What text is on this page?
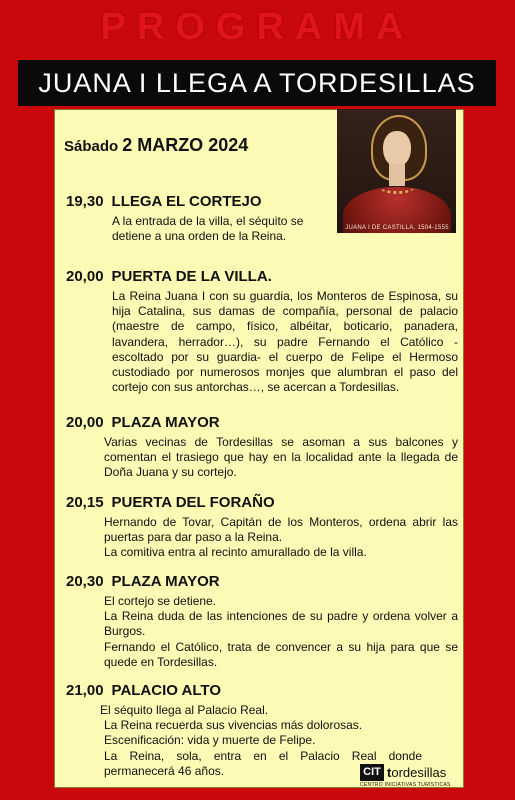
PROGRAMA
JUANA I LLEGA A TORDESILLAS
JUANA I DE CASTILLA, 1504-1555
Sábado 2 MARZO 2024
19,30 LLEGA EL CORTEJO

A la entrada de la villa, el séquito se detiene a una orden de la Reina.

20,00 PUERTA DE LA VILLA.

La Reina Juana I con su guardia, los Monteros de Espinosa, su hija Catalina, sus damas de compañía, personal de palacio (maestre de campo, físico, albéitar, boticario, panadera, lavandera, herrador…), su padre Fernando el Católico - escoltado por su guardia- el cuerpo de Felipe el Hermoso custodiado por numerosos monjes que alumbran el paso del cortejo con sus antorchas…, se acercan a Tordesillas.

20,00 PLAZA MAYOR

Varias vecinas de Tordesillas se asoman a sus balcones y comentan el trasiego que hay en la localidad ante la llegada de Doña Juana y su cortejo.

20,15 PUERTA DEL FORAÑO

Hernando de Tovar, Capitán de los Monteros, ordena abrir las puertas para dar paso a la Reina.

La comitiva entra al recinto amurallado de la villa.

20,30 PLAZA MAYOR

El cortejo se detiene.

La Reina duda de las intenciones de su padre y ordena volver a Burgos.

Fernando el Católico, trata de convencer a su hija para que se quede en Tordesillas.

21,00 PALACIO ALTO

El séquito llega al Palacio Real.

La Reina recuerda sus vivencias más dolorosas.

Escenificación: vida y muerte de Felipe.

La Reina, sola, entra en el Palacio Real donde permanecerá 46 años.	CIT tordesillas
CENTRO INICIATIVAS TURÍSTICAS
